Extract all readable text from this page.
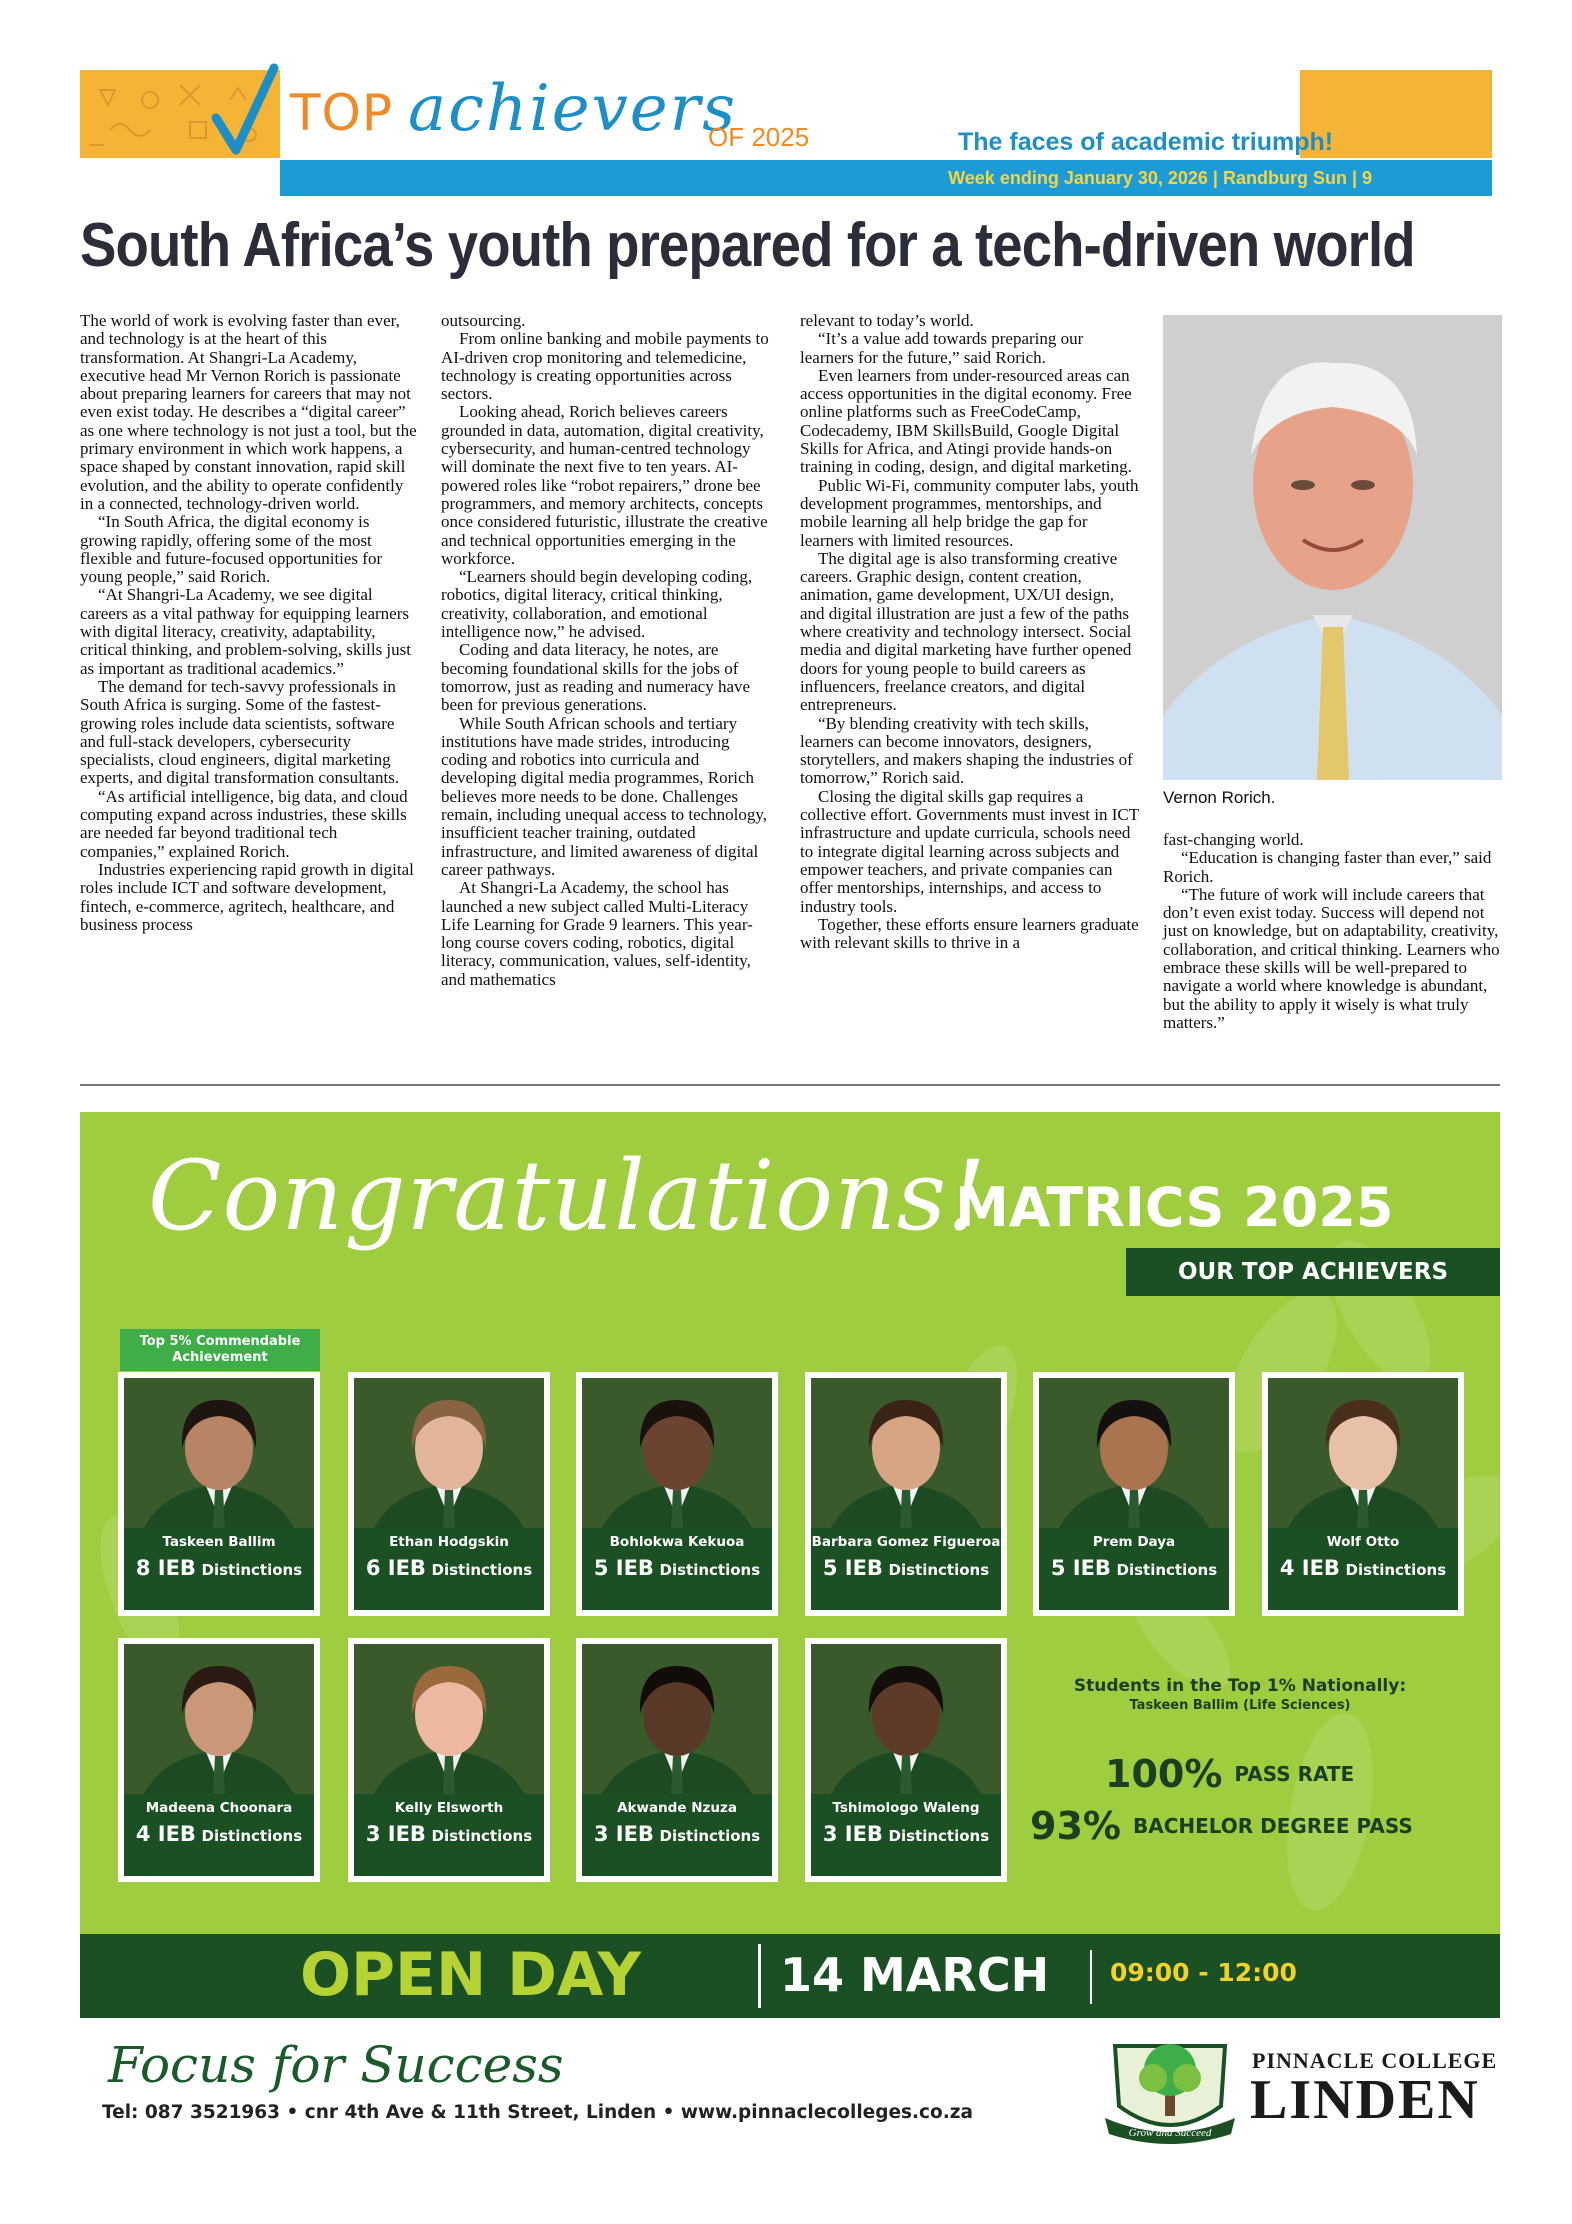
TOP achievers
OF 2025	The faces of academic triumph!
Week ending January 30, 2026 | Randburg Sun | 9
South Africa’s youth prepared for a tech-driven world

The world of work is evolving faster than ever, and technology is at the heart of this transformation. At Shangri-La Academy, executive head Mr Vernon Rorich is passionate about preparing learners for careers that may not even exist today. He describes a “digital career” as one where technology is not just a tool, but the primary environment in which work happens, a space shaped by constant innovation, rapid skill evolution, and the ability to operate confidently in a connected, technology-driven world.

“In South Africa, the digital economy is growing rapidly, offering some of the most flexible and future-focused opportunities for young people,” said Rorich.

“At Shangri-La Academy, we see digital careers as a vital pathway for equipping learners with digital literacy, creativity, adaptability, critical thinking, and problem-solving, skills just as important as traditional academics.”

The demand for tech-savvy professionals in South Africa is surging. Some of the fastest-growing roles include data scientists, software and full-stack developers, cybersecurity specialists, cloud engineers, digital marketing experts, and digital transformation consultants.

“As artificial intelligence, big data, and cloud computing expand across industries, these skills are needed far beyond traditional tech companies,” explained Rorich.

Industries experiencing rapid growth in digital roles include ICT and software development, fintech, e-commerce, agritech, healthcare, and business process

outsourcing.

From online banking and mobile payments to AI-driven crop monitoring and telemedicine, technology is creating opportunities across sectors.

Looking ahead, Rorich believes careers grounded in data, automation, digital creativity, cybersecurity, and human-centred technology will dominate the next five to ten years. AI-powered roles like “robot repairers,” drone bee programmers, and memory architects, concepts once considered futuristic, illustrate the creative and technical opportunities emerging in the workforce.

“Learners should begin developing coding, robotics, digital literacy, critical thinking, creativity, collaboration, and emotional intelligence now,” he advised.

Coding and data literacy, he notes, are becoming foundational skills for the jobs of tomorrow, just as reading and numeracy have been for previous generations.

While South African schools and tertiary institutions have made strides, introducing coding and robotics into curricula and developing digital media programmes, Rorich believes more needs to be done. Challenges remain, including unequal access to technology, insufficient teacher training, outdated infrastructure, and limited awareness of digital career pathways.

At Shangri-La Academy, the school has launched a new subject called Multi-Literacy Life Learning for Grade 9 learners. This year-long course covers coding, robotics, digital literacy, communication, values, self-identity, and mathematics

relevant to today’s world.

“It’s a value add towards preparing our learners for the future,” said Rorich.

Even learners from under-resourced areas can access opportunities in the digital economy. Free online platforms such as FreeCodeCamp, Codecademy, IBM SkillsBuild, Google Digital Skills for Africa, and Atingi provide hands-on training in coding, design, and digital marketing.

Public Wi-Fi, community computer labs, youth development programmes, mentorships, and mobile learning all help bridge the gap for learners with limited resources.

The digital age is also transforming creative careers. Graphic design, content creation, animation, game development, UX/UI design, and digital illustration are just a few of the paths where creativity and technology intersect. Social media and digital marketing have further opened doors for young people to build careers as influencers, freelance creators, and digital entrepreneurs.

“By blending creativity with tech skills, learners can become innovators, designers, storytellers, and makers shaping the industries of tomorrow,” Rorich said.

Closing the digital skills gap requires a collective effort. Governments must invest in ICT infrastructure and update curricula, schools need to integrate digital learning across subjects and empower teachers, and private companies can offer mentorships, internships, and access to industry tools.

Together, these efforts ensure learners graduate with relevant skills to thrive in a

Vernon Rorich.

fast-changing world.

“Education is changing faster than ever,” said Rorich.

“The future of work will include careers that don’t even exist today. Success will depend not just on knowledge, but on adaptability, creativity, collaboration, and critical thinking. Learners who embrace these skills will be well-prepared to navigate a world where knowledge is abundant, but the ability to apply it wisely is what truly matters.”

Congratulations!
MATRICS 2025
OUR TOP ACHIEVERS
Top 5% Commendable Achievement
Taskeen Ballim
8 IEB Distinctions
Ethan Hodgskin
6 IEB Distinctions
Bohlokwa Kekuoa
5 IEB Distinctions
Barbara Gomez Figueroa
5 IEB Distinctions
Prem Daya
5 IEB Distinctions
Wolf Otto
4 IEB Distinctions
Madeena Choonara
4 IEB Distinctions
Kelly Elsworth
3 IEB Distinctions
Akwande Nzuza
3 IEB Distinctions
Tshimologo Waleng
3 IEB Distinctions
Students in the Top 1% Nationally:
Taskeen Ballim (Life Sciences)
100% PASS RATE
93% BACHELOR DEGREE PASS
OPEN DAY	14 MARCH 09:00 - 12:00
Focus for Success
Tel: 087 3521963 • cnr 4th Ave & 11th Street, Linden • www.pinnaclecolleges.co.za
Grow and Succeed
PINNACLE COLLEGE
LINDEN
